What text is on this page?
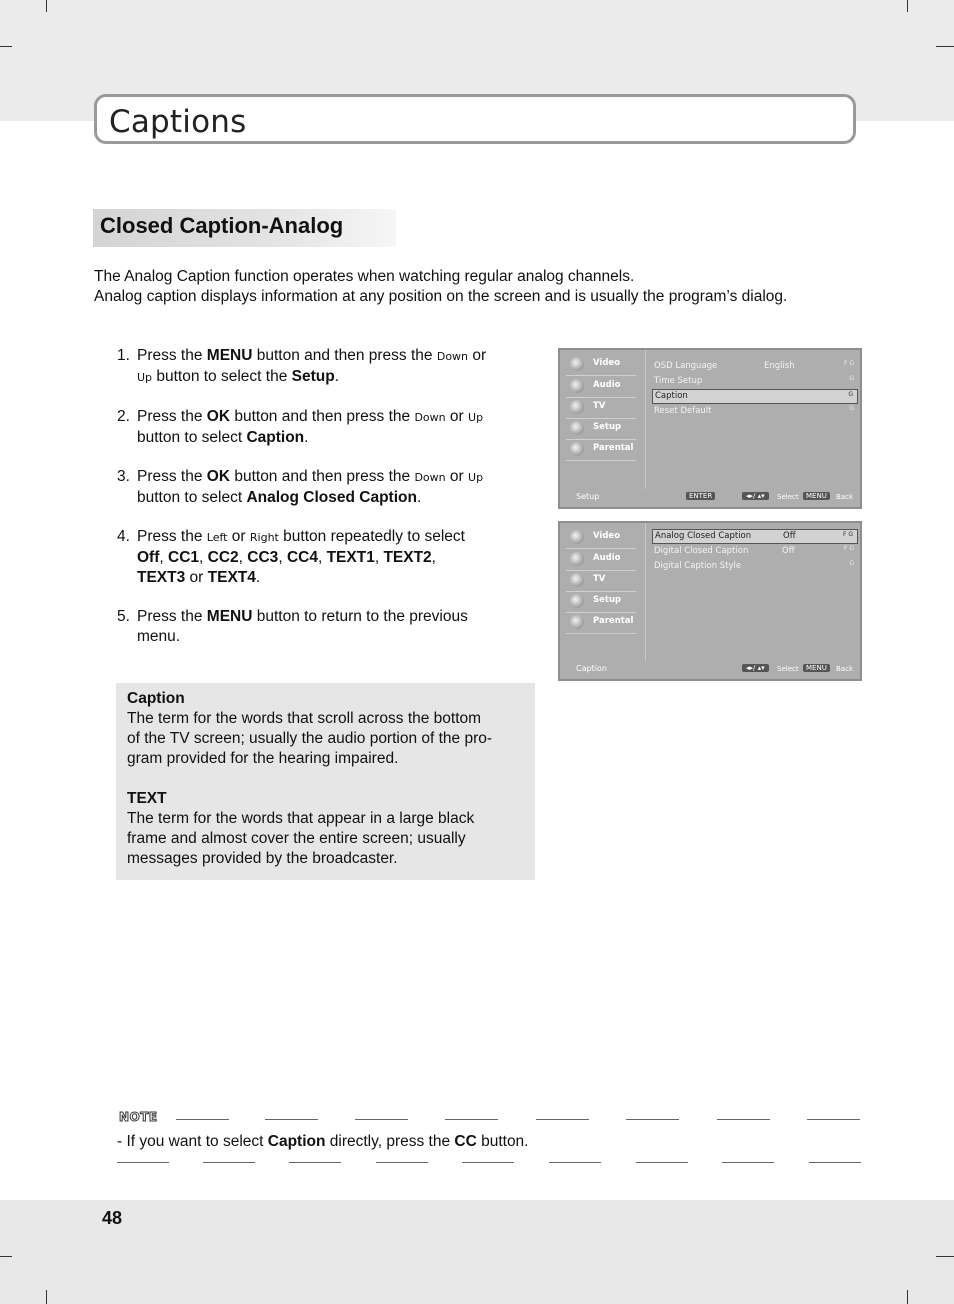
Captions
Closed Caption-Analog
The Analog Caption function operates when watching regular analog channels.
Analog caption displays information at any position on the screen and is usually the program’s dialog.
1. Press the MENU button and then press the Down or
Up button to select the Setup.
2. Press the OK button and then press the Down or Up
button to select Caption.
3. Press the OK button and then press the Down or Up
button to select Analog Closed Caption.
4. Press the Left or Right button repeatedly to select
Off, CC1, CC2, CC3, CC4, TEXT1, TEXT2,
TEXT3 or TEXT4.
5. Press the MENU button to return to the previous
menu.

Caption

The term for the words that scroll across the bottom

of the TV screen; usually the audio portion of the pro-

gram provided for the hearing impaired.

TEXT

The term for the words that appear in a large black

frame and almost cover the entire screen; usually

messages provided by the broadcaster.

Video
Audio
TV
Setup
Parental
OSD Language	English	F G
Time Setup	G
Caption	G
Reset Default	G
Setup	ENTER	◂▸/ ▴▾	Select	MENU	Back
Video
Audio
TV
Setup
Parental
Analog Closed Caption	Off	F G
Digital Closed Caption	Off	F G
Digital Caption Style	G
Caption	◂▸/ ▴▾	Select	MENU	Back
NOTE
- If you want to select Caption directly, press the CC button.
48
